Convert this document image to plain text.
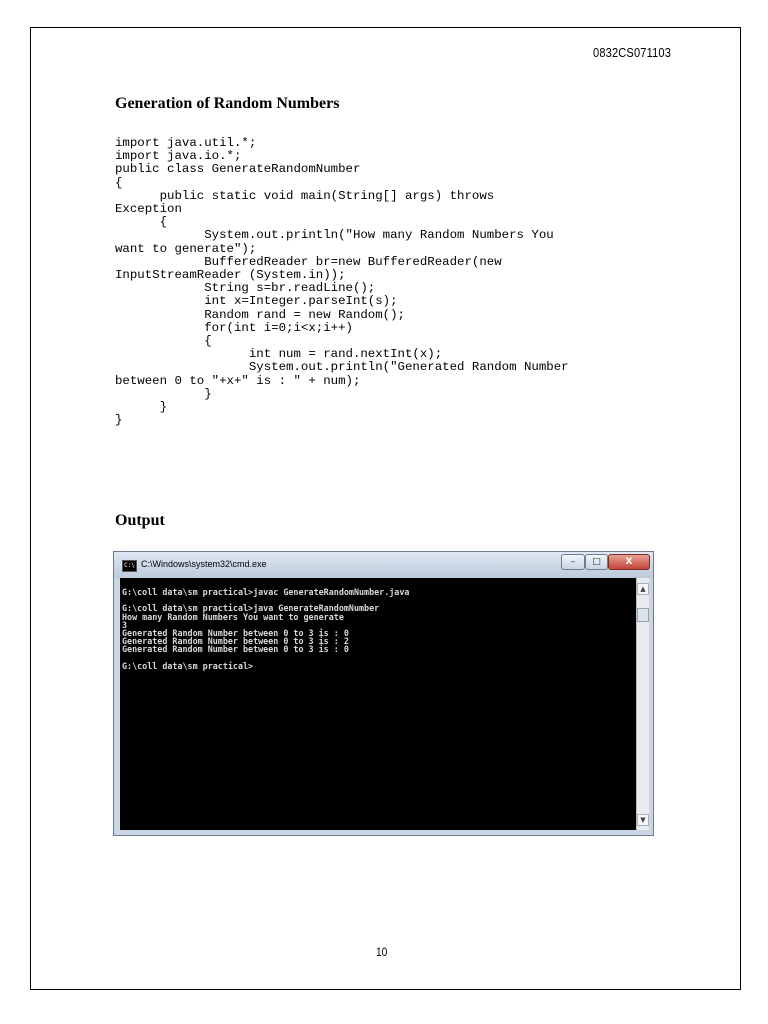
0832CS071103
Generation of Random Numbers
import java.util.*;
import java.io.*;
public class GenerateRandomNumber
{
public static void main(String[] args) throws
Exception
{
System.out.println("How many Random Numbers You
want to generate");
BufferedReader br=new BufferedReader(new
InputStreamReader (System.in));
String s=br.readLine();
int x=Integer.parseInt(s);
Random rand = new Random();
for(int i=0;i<x;i++)
{
int num = rand.nextInt(x);
System.out.println("Generated Random Number
between 0 to "+x+" is : " + num);
}
}
}
Output
C:\ C:\Windows\system32\cmd.exe	–	□	X
G:\coll data\sm practical>javac GenerateRandomNumber.java

G:\coll data\sm practical>java GenerateRandomNumber
How many Random Numbers You want to generate
3
Generated Random Number between 0 to 3 is : 0
Generated Random Number between 0 to 3 is : 2
Generated Random Number between 0 to 3 is : 0

G:\coll data\sm practical>
▲
▼
10
